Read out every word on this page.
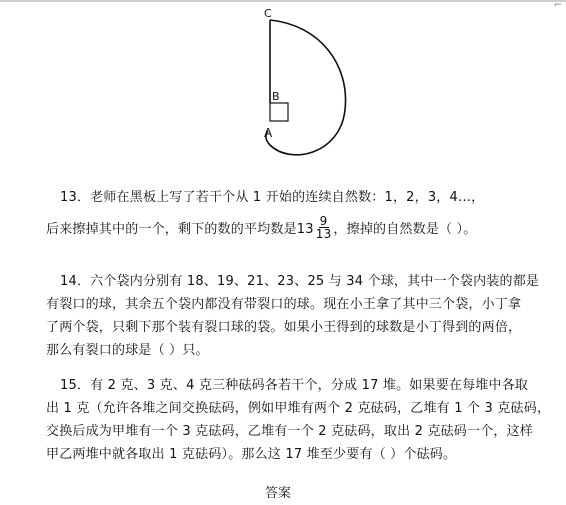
⌐
C
B
A
13．老师在黑板上写了若干个从 1 开始的连续自然数：1，2，3，4…，
后来擦掉其中的一个，剩下的数的平均数是$13 \frac{9}{13}$ ，擦掉的自然数是（ ）。
14．六个袋内分别有 18、19、21、23、25 与 34 个球，其中一个袋内装的都是
有裂口的球，其余五个袋内都没有带裂口的球。现在小王拿了其中三个袋，小丁拿
了两个袋，只剩下那个装有裂口球的袋。如果小王得到的球数是小丁得到的两倍，
那么有裂口的球是（ ）只。
15．有 2 克、3 克、4 克三种砝码各若干个，分成 17 堆。如果要在每堆中各取
出 1 克（允许各堆之间交换砝码，例如甲堆有两个 2 克砝码，乙堆有 1 个 3 克砝码，
交换后成为甲堆有一个 3 克砝码，乙堆有一个 2 克砝码，取出 2 克砝码一个，这样
甲乙两堆中就各取出 1 克砝码）。那么这 17 堆至少要有（ ）个砝码。
答案
